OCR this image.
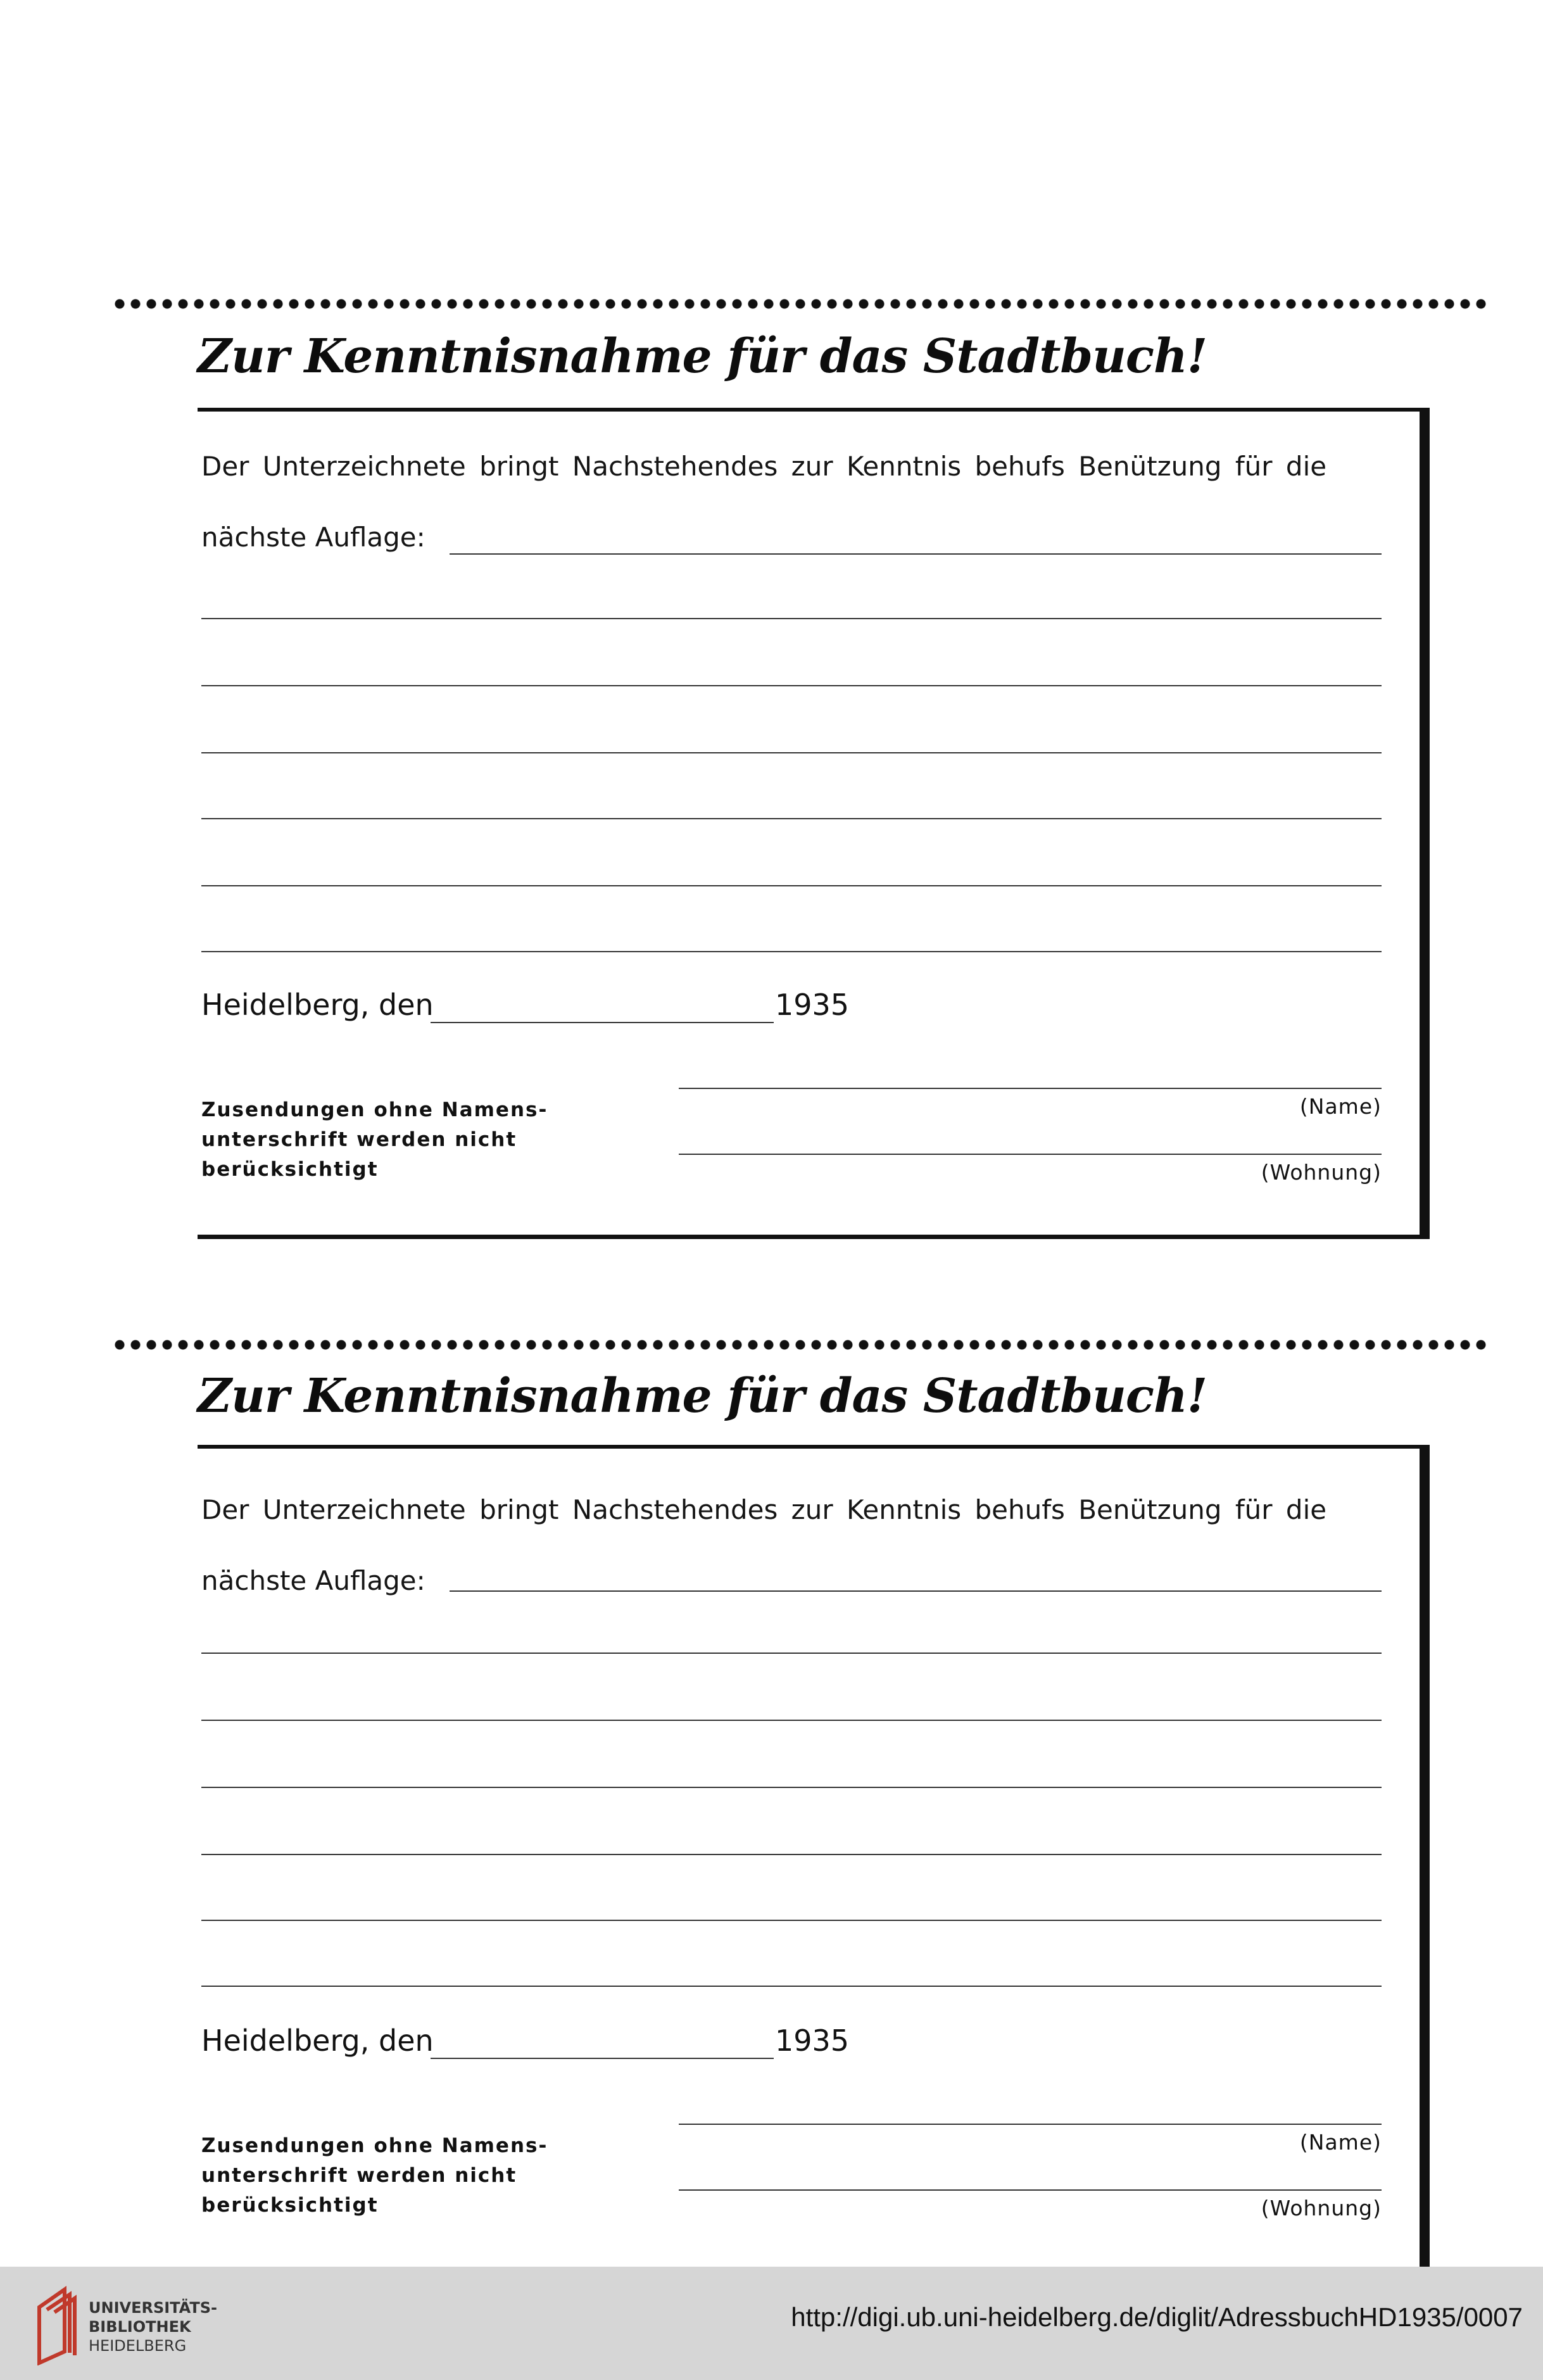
Zur Kenntnisnahme für das Stadtbuch!
Der Unterzeichnete bringt Nachstehendes zur Kenntnis behufs Benützung für die
nächste Auflage:
Heidelberg, den	1935
(Name)
(Wohnung)
Zusendungen ohne Namens-unterschrift werden nicht berücksichtigt
Zur Kenntnisnahme für das Stadtbuch!
Der Unterzeichnete bringt Nachstehendes zur Kenntnis behufs Benützung für die
nächste Auflage:
Heidelberg, den	1935
(Name)
(Wohnung)
Zusendungen ohne Namens-unterschrift werden nicht berücksichtigt
UNIVERSITÄTS-
BIBLIOTHEK
HEIDELBERG
http://digi.ub.uni-heidelberg.de/diglit/AdressbuchHD1935/0007
